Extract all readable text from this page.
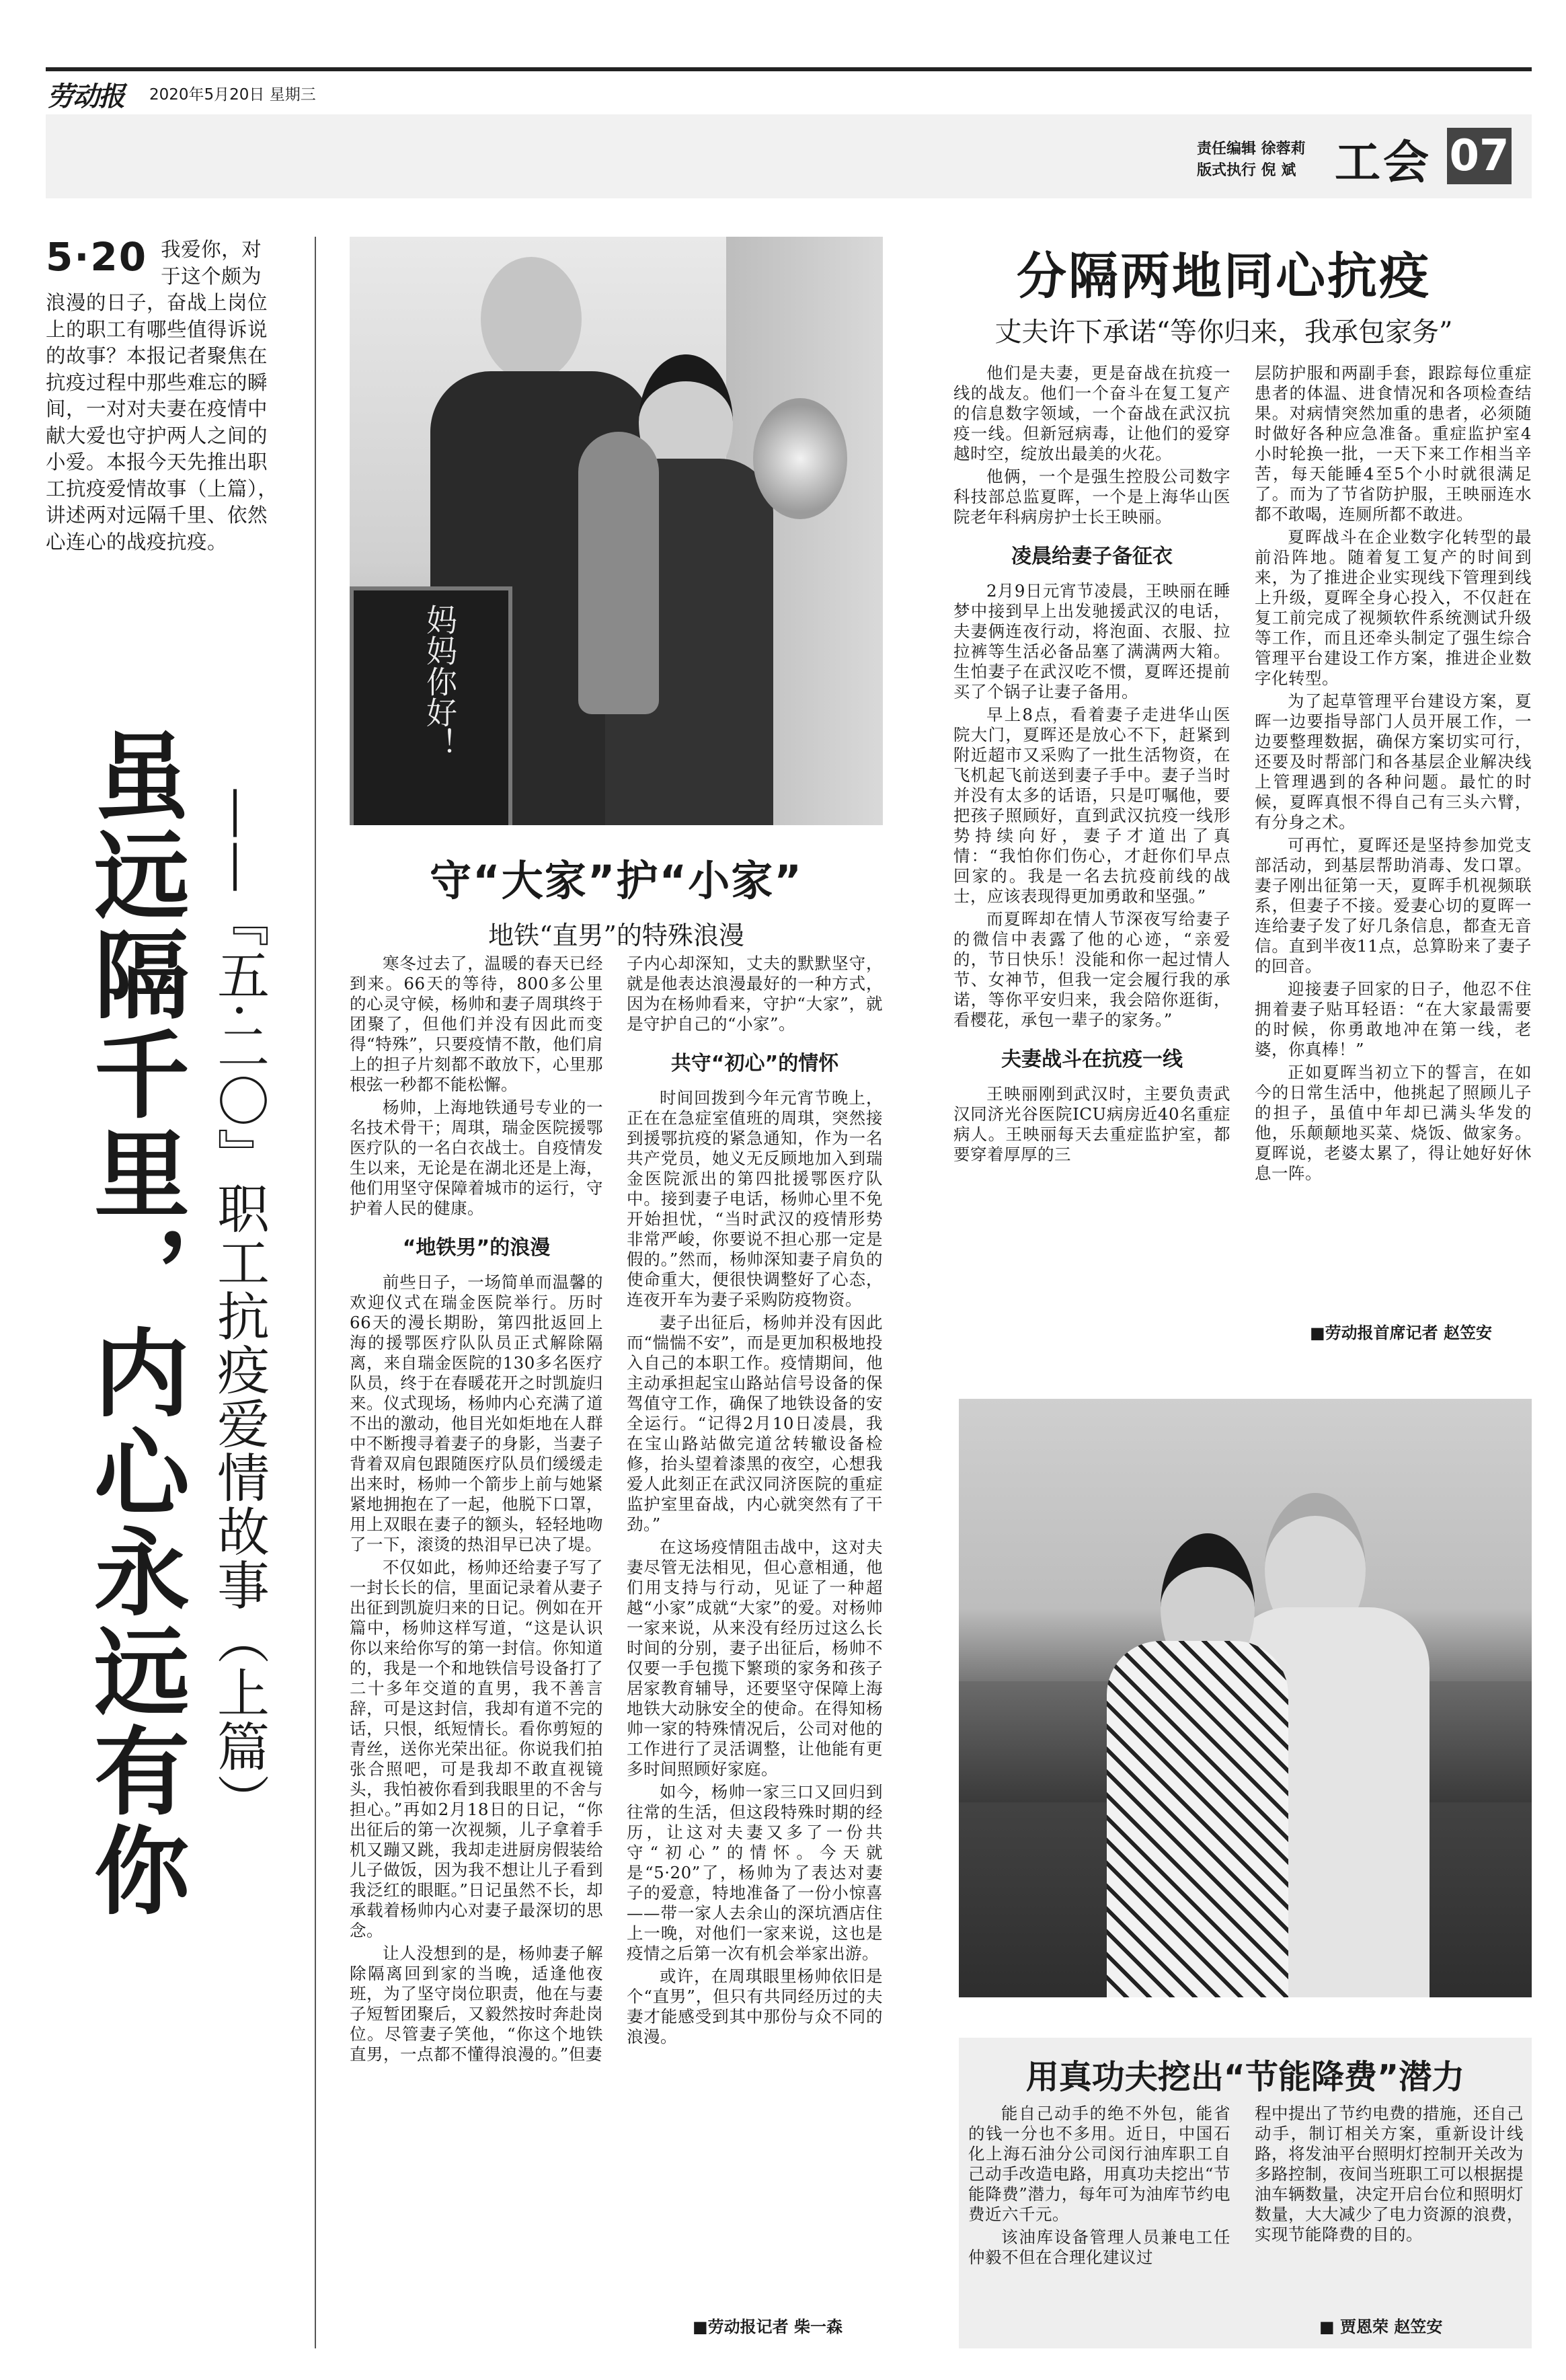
劳动报 2020年5月20日 星期三
责任编辑 徐蓉莉
版式执行 倪 斌 工会 07
5·20 我爱你，对于这个颇为浪漫的日子，奋战上岗位上的职工有哪些值得诉说的故事？本报记者聚焦在抗疫过程中那些难忘的瞬间，一对对夫妻在疫情中献大爱也守护两人之间的小爱。本报今天先推出职工抗疫爱情故事（上篇），讲述两对远隔千里、依然心连心的战疫抗疫。
虽远隔千里，内心永远有你 ——『五·二〇』职工抗疫爱情故事（上篇）
妈妈你好！
守“大家”护“小家”
地铁“直男”的特殊浪漫

寒冬过去了，温暖的春天已经到来。66天的等待，800多公里的心灵守候，杨帅和妻子周琪终于团聚了，但他们并没有因此而变得“特殊”，只要疫情不散，他们肩上的担子片刻都不敢放下，心里那根弦一秒都不能松懈。

杨帅，上海地铁通号专业的一名技术骨干；周琪，瑞金医院援鄂医疗队的一名白衣战士。自疫情发生以来，无论是在湖北还是上海，他们用坚守保障着城市的运行，守护着人民的健康。

“地铁男”的浪漫

前些日子，一场简单而温馨的欢迎仪式在瑞金医院举行。历时66天的漫长期盼，第四批返回上海的援鄂医疗队队员正式解除隔离，来自瑞金医院的130多名医疗队员，终于在春暖花开之时凯旋归来。仪式现场，杨帅内心充满了道不出的激动，他目光如炬地在人群中不断搜寻着妻子的身影，当妻子背着双肩包跟随医疗队员们缓缓走出来时，杨帅一个箭步上前与她紧紧地拥抱在了一起，他脱下口罩，用上双眼在妻子的额头，轻轻地吻了一下，滚烫的热泪早已决了堤。

不仅如此，杨帅还给妻子写了一封长长的信，里面记录着从妻子出征到凯旋归来的日记。例如在开篇中，杨帅这样写道，“这是认识你以来给你写的第一封信。你知道的，我是一个和地铁信号设备打了二十多年交道的直男，我不善言辞，可是这封信，我却有道不完的话，只恨，纸短情长。看你剪短的青丝，送你光荣出征。你说我们拍张合照吧，可是我却不敢直视镜头，我怕被你看到我眼里的不舍与担心。”再如2月18日的日记，“你出征后的第一次视频，儿子拿着手机又蹦又跳，我却走进厨房假装给儿子做饭，因为我不想让儿子看到我泛红的眼眶。”日记虽然不长，却承载着杨帅内心对妻子最深切的思念。

让人没想到的是，杨帅妻子解除隔离回到家的当晚，适逢他夜班，为了坚守岗位职责，他在与妻子短暂团聚后，又毅然按时奔赴岗位。尽管妻子笑他，“你这个地铁直男，一点都不懂得浪漫的。”但妻

子内心却深知，丈夫的默默坚守，就是他表达浪漫最好的一种方式，因为在杨帅看来，守护“大家”，就是守护自己的“小家”。

共守“初心”的情怀

时间回拨到今年元宵节晚上，正在在急症室值班的周琪，突然接到援鄂抗疫的紧急通知，作为一名共产党员，她义无反顾地加入到瑞金医院派出的第四批援鄂医疗队中。接到妻子电话，杨帅心里不免开始担忧，“当时武汉的疫情形势非常严峻，你要说不担心那一定是假的。”然而，杨帅深知妻子肩负的使命重大，便很快调整好了心态，连夜开车为妻子采购防疫物资。

妻子出征后，杨帅并没有因此而“惴惴不安”，而是更加积极地投入自己的本职工作。疫情期间，他主动承担起宝山路站信号设备的保驾值守工作，确保了地铁设备的安全运行。“记得2月10日凌晨，我在宝山路站做完道岔转辙设备检修，抬头望着漆黑的夜空，心想我爱人此刻正在武汉同济医院的重症监护室里奋战，内心就突然有了干劲。”

在这场疫情阻击战中，这对夫妻尽管无法相见，但心意相通，他们用支持与行动，见证了一种超越“小家”成就“大家”的爱。对杨帅一家来说，从来没有经历过这么长时间的分别，妻子出征后，杨帅不仅要一手包揽下繁琐的家务和孩子居家教育辅导，还要坚守保障上海地铁大动脉安全的使命。在得知杨帅一家的特殊情况后，公司对他的工作进行了灵活调整，让他能有更多时间照顾好家庭。

如今，杨帅一家三口又回归到往常的生活，但这段特殊时期的经历，让这对夫妻又多了一份共守“初心”的情怀。今天就是“5·20”了，杨帅为了表达对妻子的爱意，特地准备了一份小惊喜——带一家人去余山的深坑酒店住上一晚，对他们一家来说，这也是疫情之后第一次有机会举家出游。

或许，在周琪眼里杨帅依旧是个“直男”，但只有共同经历过的夫妻才能感受到其中那份与众不同的浪漫。

■劳动报记者 柴一森
分隔两地同心抗疫
丈夫许下承诺“等你归来，我承包家务”

他们是夫妻，更是奋战在抗疫一线的战友。他们一个奋斗在复工复产的信息数字领域，一个奋战在武汉抗疫一线。但新冠病毒，让他们的爱穿越时空，绽放出最美的火花。

他俩，一个是强生控股公司数字科技部总监夏晖，一个是上海华山医院老年科病房护士长王映丽。

凌晨给妻子备征衣

2月9日元宵节凌晨，王映丽在睡梦中接到早上出发驰援武汉的电话，夫妻俩连夜行动，将泡面、衣服、拉拉裤等生活必备品塞了满满两大箱。生怕妻子在武汉吃不惯，夏晖还提前买了个锅子让妻子备用。

早上8点，看着妻子走进华山医院大门，夏晖还是放心不下，赶紧到附近超市又采购了一批生活物资，在飞机起飞前送到妻子手中。妻子当时并没有太多的话语，只是叮嘱他，要把孩子照顾好，直到武汉抗疫一线形势持续向好，妻子才道出了真情：“我怕你们伤心，才赶你们早点回家的。我是一名去抗疫前线的战士，应该表现得更加勇敢和坚强。”

而夏晖却在情人节深夜写给妻子的微信中表露了他的心迹，“亲爱的，节日快乐！没能和你一起过情人节、女神节，但我一定会履行我的承诺，等你平安归来，我会陪你逛街，看樱花，承包一辈子的家务。”

夫妻战斗在抗疫一线

王映丽刚到武汉时，主要负责武汉同济光谷医院ICU病房近40名重症病人。王映丽每天去重症监护室，都要穿着厚厚的三

层防护服和两副手套，跟踪每位重症患者的体温、进食情况和各项检查结果。对病情突然加重的患者，必须随时做好各种应急准备。重症监护室4小时轮换一批，一天下来工作相当辛苦，每天能睡4至5个小时就很满足了。而为了节省防护服，王映丽连水都不敢喝，连厕所都不敢进。

夏晖战斗在企业数字化转型的最前沿阵地。随着复工复产的时间到来，为了推进企业实现线下管理到线上升级，夏晖全身心投入，不仅赶在复工前完成了视频软件系统测试升级等工作，而且还牵头制定了强生综合管理平台建设工作方案，推进企业数字化转型。

为了起草管理平台建设方案，夏晖一边要指导部门人员开展工作，一边要整理数据，确保方案切实可行，还要及时帮部门和各基层企业解决线上管理遇到的各种问题。最忙的时候，夏晖真恨不得自己有三头六臂，有分身之术。

可再忙，夏晖还是坚持参加党支部活动，到基层帮助消毒、发口罩。妻子刚出征第一天，夏晖手机视频联系，但妻子不接。爱妻心切的夏晖一连给妻子发了好几条信息，都查无音信。直到半夜11点，总算盼来了妻子的回音。

迎接妻子回家的日子，他忍不住拥着妻子贴耳轻语：“在大家最需要的时候，你勇敢地冲在第一线，老婆，你真棒！”

正如夏晖当初立下的誓言，在如今的日常生活中，他挑起了照顾儿子的担子，虽值中年却已满头华发的他，乐颠颠地买菜、烧饭、做家务。夏晖说，老婆太累了，得让她好好休息一阵。

■劳动报首席记者 赵笠安
用真功夫挖出“节能降费”潜力

能自己动手的绝不外包，能省的钱一分也不多用。近日，中国石化上海石油分公司闵行油库职工自己动手改造电路，用真功夫挖出“节能降费”潜力，每年可为油库节约电费近六千元。

该油库设备管理人员兼电工任仲毅不但在合理化建议过

程中提出了节约电费的措施，还自己动手，制订相关方案，重新设计线路，将发油平台照明灯控制开关改为多路控制，夜间当班职工可以根据提油车辆数量，决定开启台位和照明灯数量，大大减少了电力资源的浪费，实现节能降费的目的。

■ 贾恩荣 赵笠安
